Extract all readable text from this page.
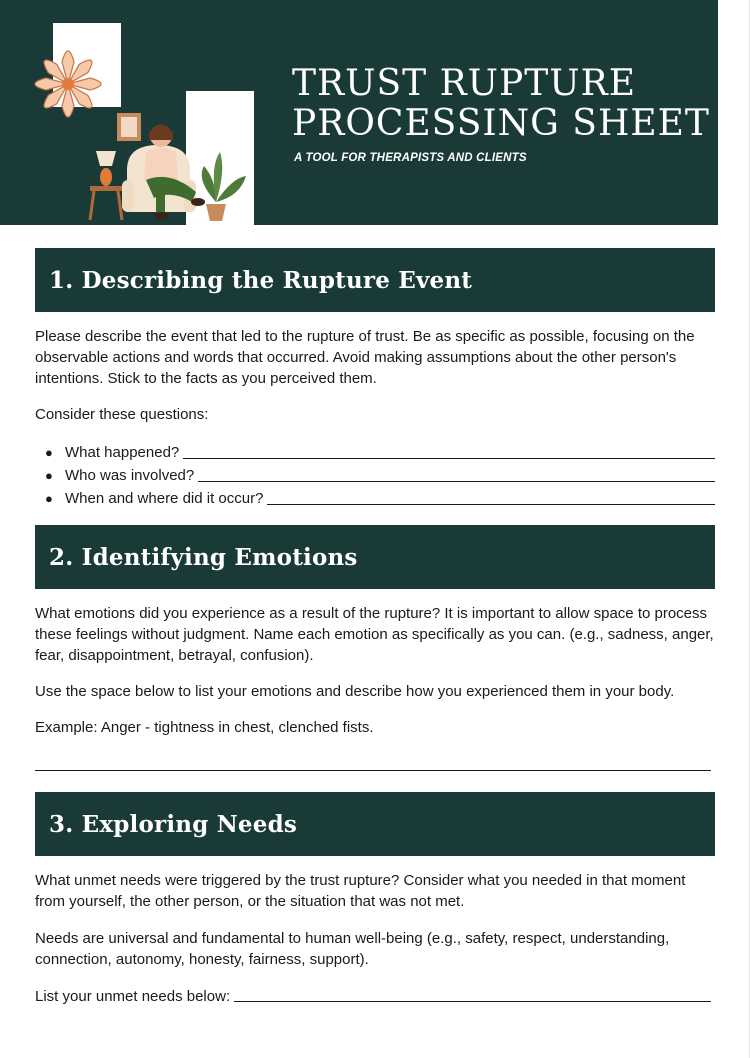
TRUST RUPTURE
PROCESSING SHEET
A TOOL FOR THERAPISTS AND CLIENTS
1. Describing the Rupture Event

Please describe the event that led to the rupture of trust. Be as specific as possible, focusing on the observable actions and words that occurred. Avoid making assumptions about the other person's intentions. Stick to the facts as you perceived them.

Consider these questions:

● What happened?
● Who was involved?
● When and where did it occur?
2. Identifying Emotions

What emotions did you experience as a result of the rupture? It is important to allow space to process these feelings without judgment. Name each emotion as specifically as you can. (e.g., sadness, anger, fear, disappointment, betrayal, confusion).

Use the space below to list your emotions and describe how you experienced them in your body.

Example: Anger - tightness in chest, clenched fists.

3. Exploring Needs

What unmet needs were triggered by the trust rupture? Consider what you needed in that moment from yourself, the other person, or the situation that was not met.

Needs are universal and fundamental to human well-being (e.g., safety, respect, understanding, connection, autonomy, honesty, fairness, support).

List your unmet needs below:
